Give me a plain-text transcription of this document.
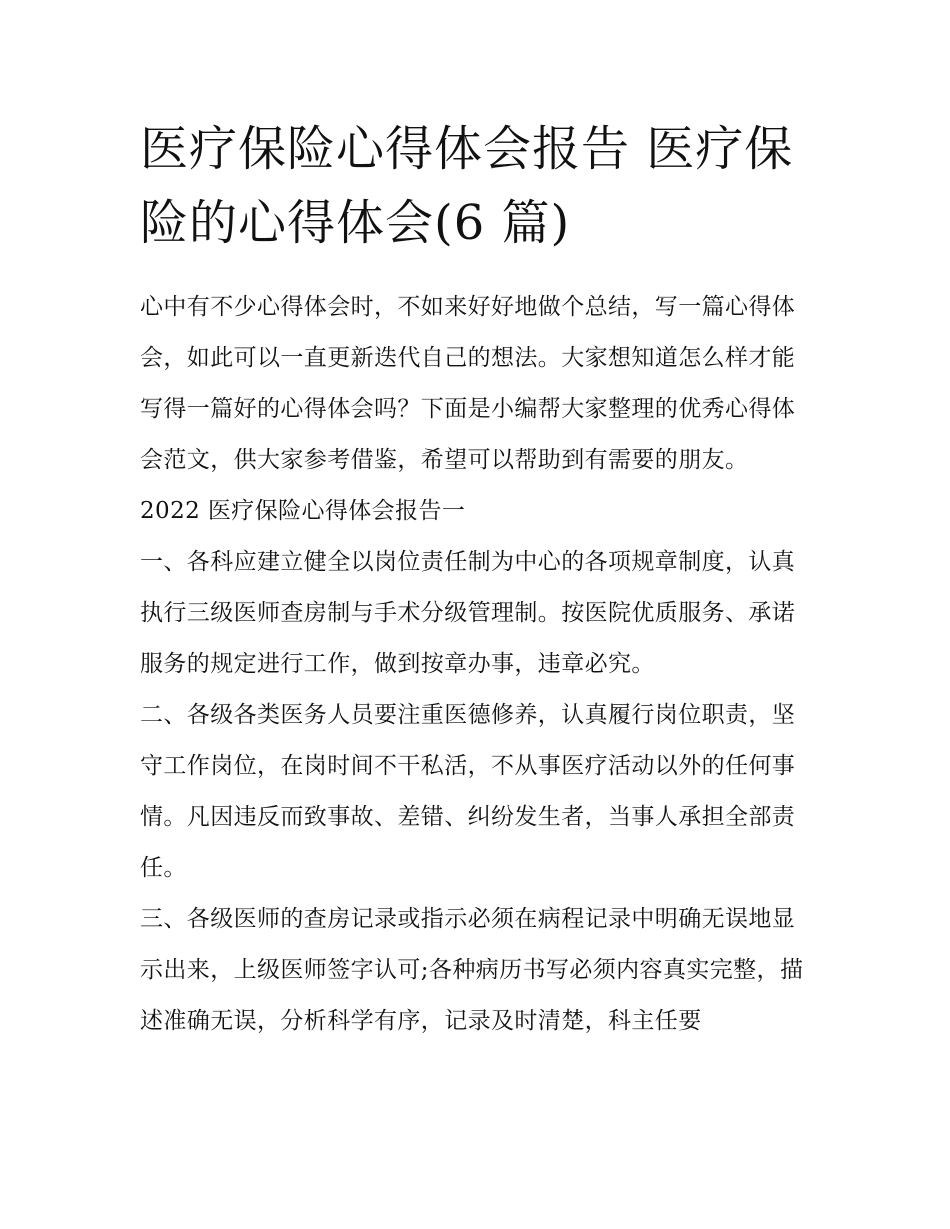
医疗保险心得体会报告 医疗保险的心得体会(6 篇)

心中有不少心得体会时，不如来好好地做个总结，写一篇心得体会，如此可以一直更新迭代自己的想法。大家想知道怎么样才能写得一篇好的心得体会吗？下面是小编帮大家整理的优秀心得体会范文，供大家参考借鉴，希望可以帮助到有需要的朋友。

2022 医疗保险心得体会报告一

一、各科应建立健全以岗位责任制为中心的各项规章制度，认真执行三级医师查房制与手术分级管理制。按医院优质服务、承诺服务的规定进行工作，做到按章办事，违章必究。

二、各级各类医务人员要注重医德修养，认真履行岗位职责，坚守工作岗位，在岗时间不干私活，不从事医疗活动以外的任何事情。凡因违反而致事故、差错、纠纷发生者，当事人承担全部责任。

三、各级医师的查房记录或指示必须在病程记录中明确无误地显示出来，上级医师签字认可;各种病历书写必须内容真实完整，描述准确无误，分析科学有序，记录及时清楚，科主任要
